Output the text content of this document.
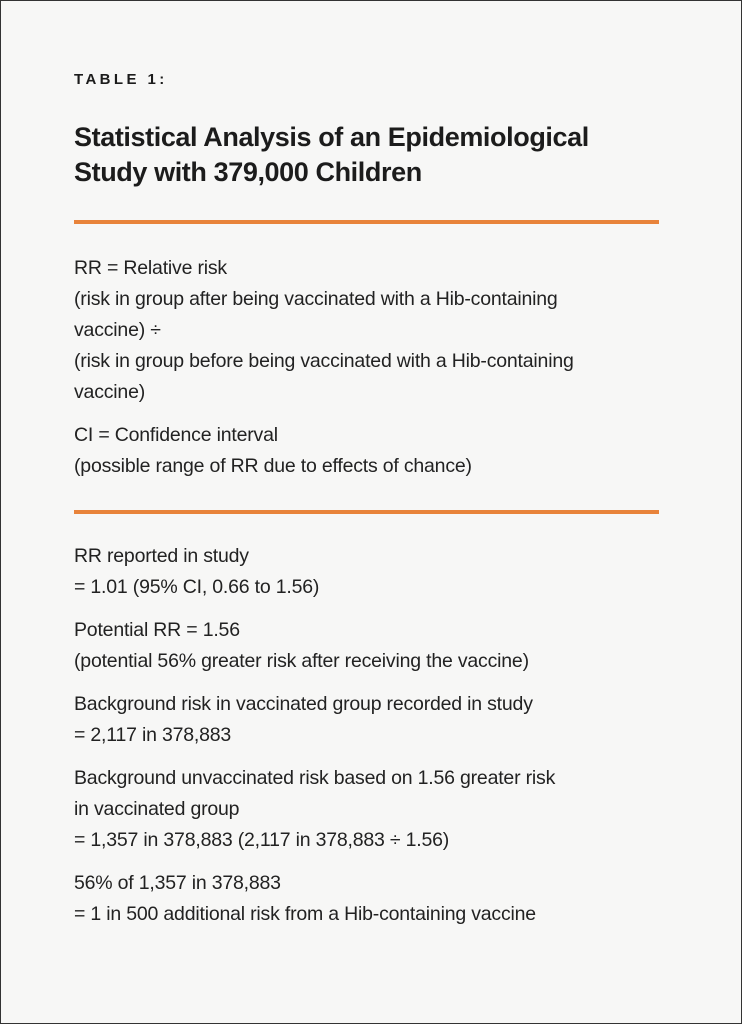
TABLE 1:

Statistical Analysis of an Epidemiological
Study with 379,000 Children
RR = Relative risk
(risk in group after being vaccinated with a Hib-containing
vaccine) ÷
(risk in group before being vaccinated with a Hib-containing
vaccine)
CI = Confidence interval
(possible range of RR due to effects of chance)
RR reported in study
= 1.01 (95% CI, 0.66 to 1.56)
Potential RR = 1.56
(potential 56% greater risk after receiving the vaccine)
Background risk in vaccinated group recorded in study
= 2,117 in 378,883
Background unvaccinated risk based on 1.56 greater risk
in vaccinated group
= 1,357 in 378,883 (2,117 in 378,883 ÷ 1.56)
56% of 1,357 in 378,883
= 1 in 500 additional risk from a Hib-containing vaccine
